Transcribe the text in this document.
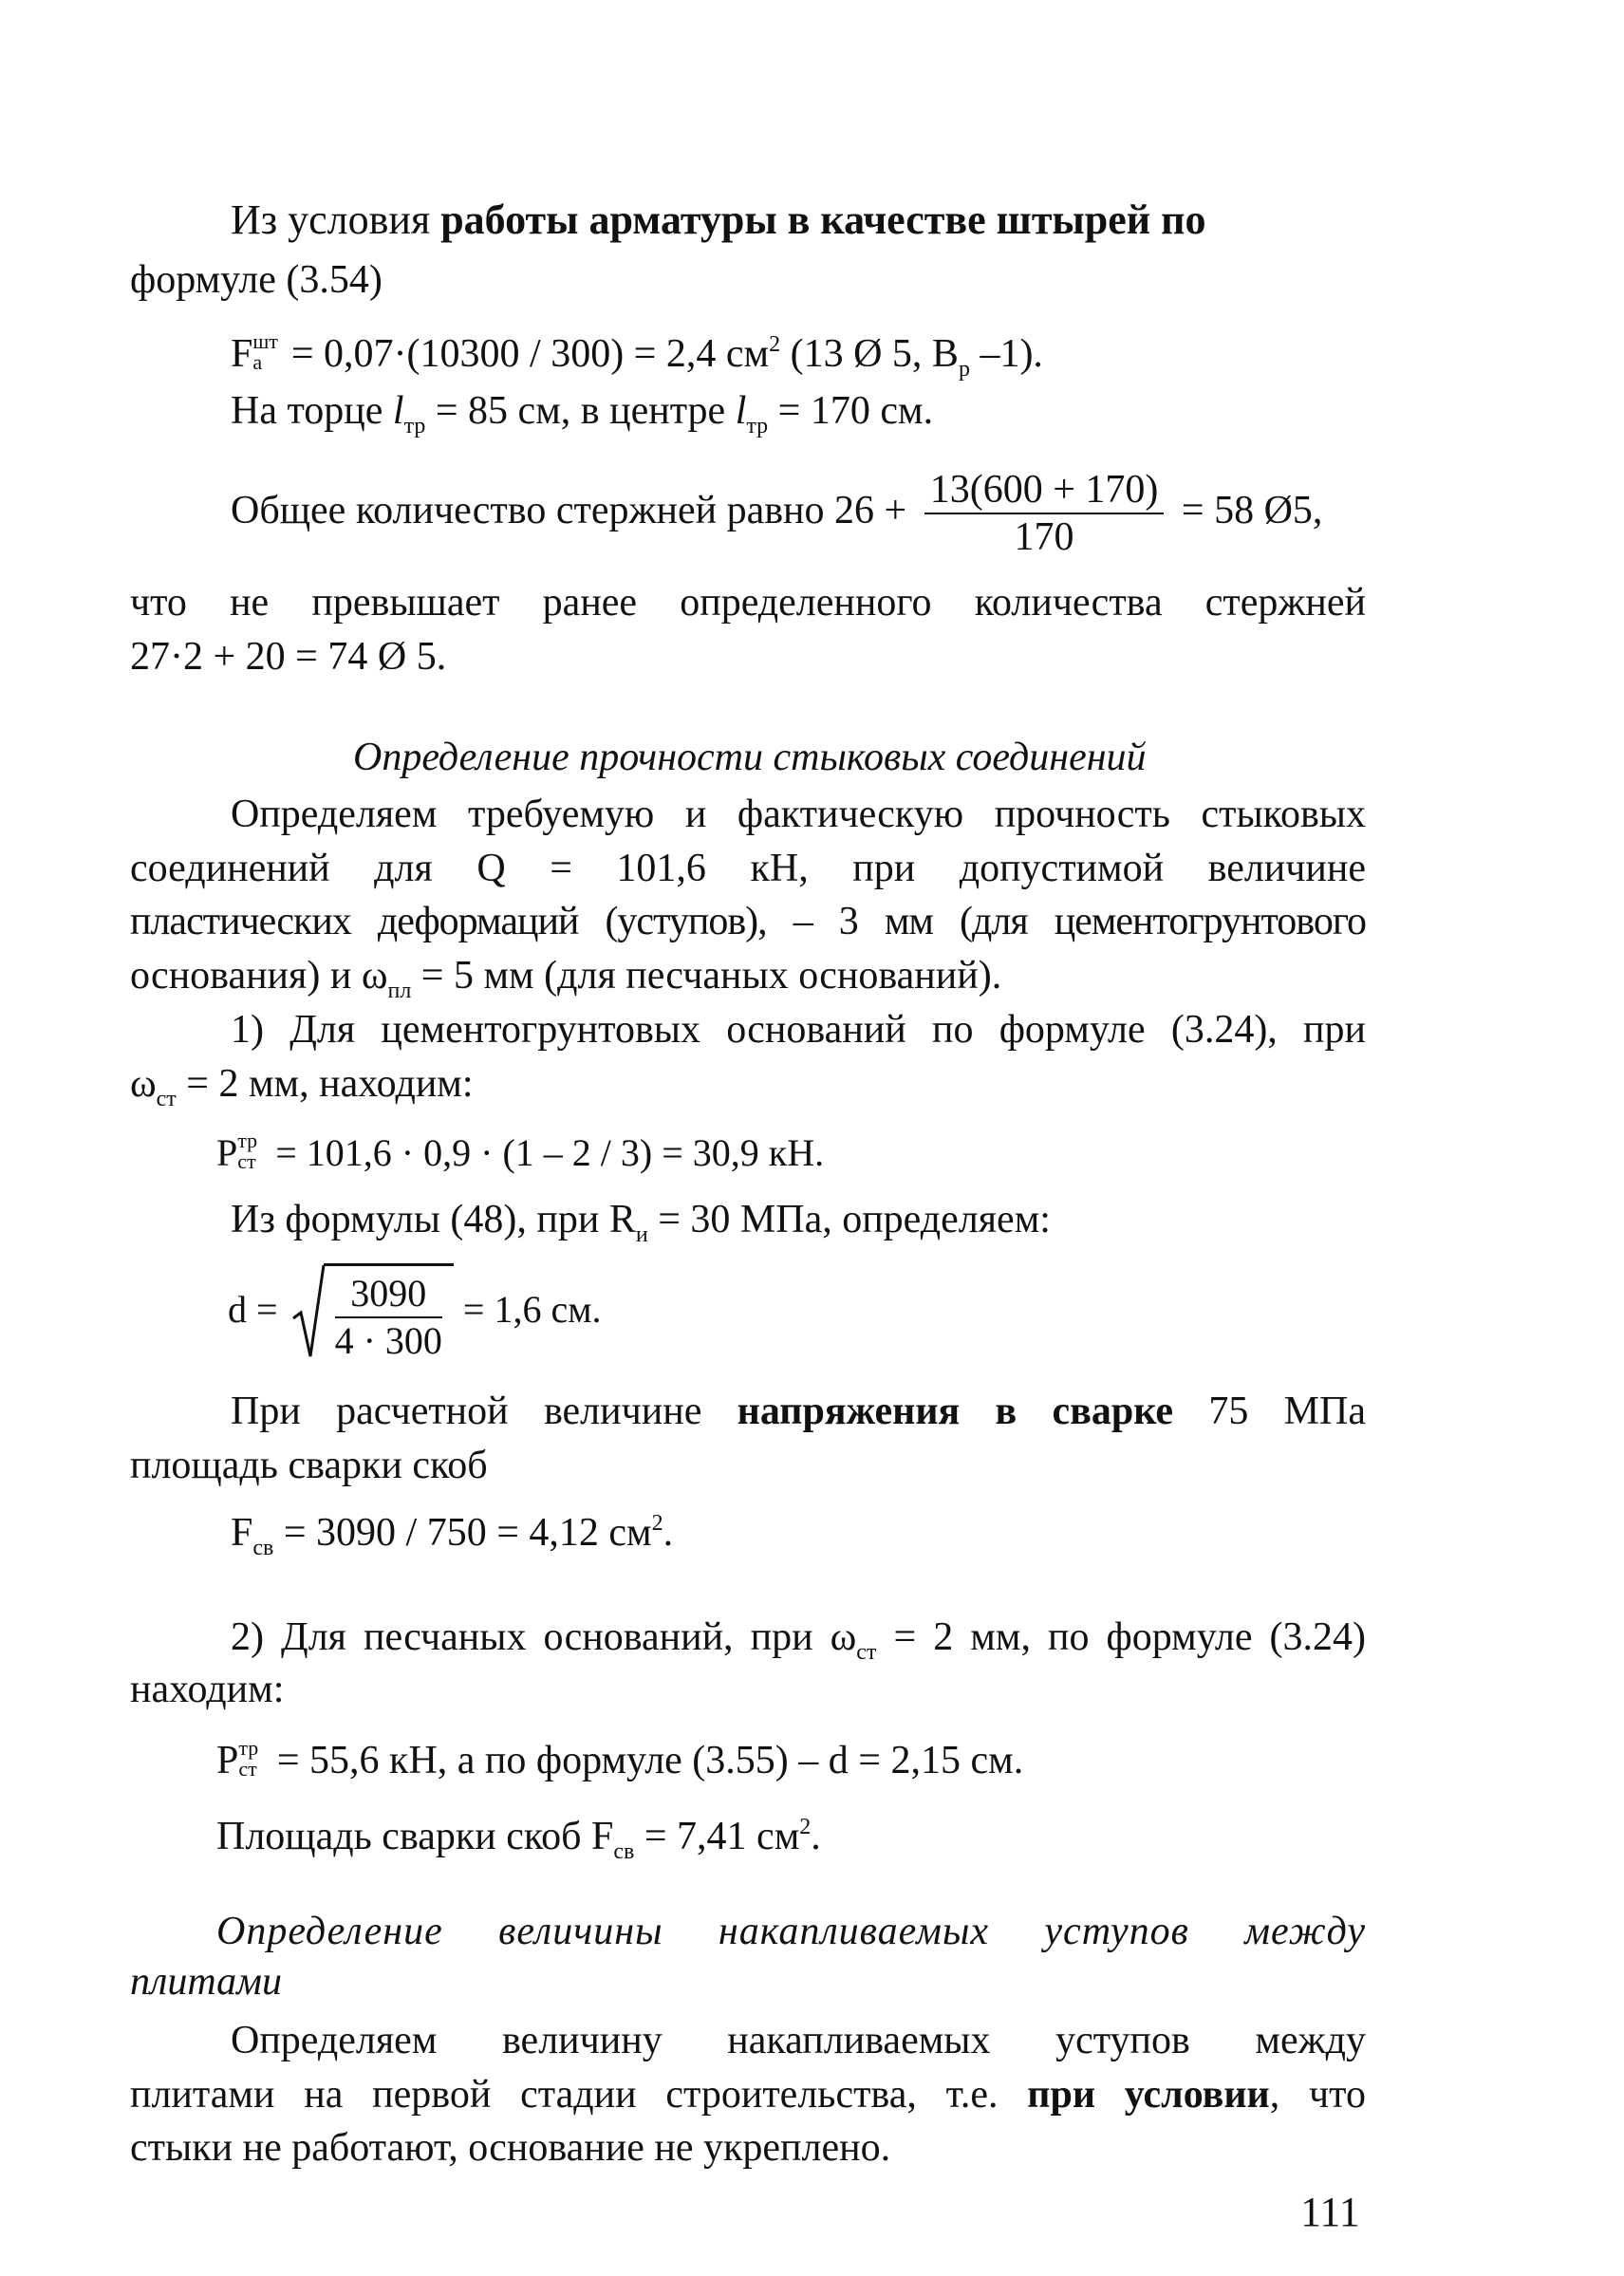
Из условия работы арматуры в качестве штырей по
формуле (3.54)
F шт
а = 0,07·(10300 / 300) = 2,4 $см^2$ (13 Ø 5, $B_р$ –1).
На торце $l_{тр} = 85$ см, в центре $l_{тр} = 170$ см.
Общее количество стержней равно $26 + \frac{13(600 + 170)}{170} = 58$ Ø5,
что не превышает ранее определенного количества стержней
27·2 + 20 = 74 Ø 5.
Определение прочности стыковых соединений
Определяем требуемую и фактическую прочность стыковых
соединений для Q = 101,6 кН, при допустимой величине
пластических деформаций (уступов), – 3 мм (для цементогрунтового
основания) и $\omega_{пл} = 5$ мм (для песчаных оснований).
1) Для цементогрунтовых оснований по формуле (3.24), при
$\omega_{ст} = 2$ мм, находим:
P тр
ст = 101,6 · 0,9 · (1 – 2 / 3) = 30,9 кН.
Из формулы (48), при $R_и = 30$ МПа, определяем:
$d = \frac{3090}{4 \cdot 300} = 1,6$ см.
При расчетной величине напряжения в сварке 75 МПа
площадь сварки скоб
$F_{св} = 3090 / 750 = 4,12$ $см^2$.
2) Для песчаных оснований, при $\omega_{ст} = 2$ мм, по формуле (3.24)
находим:
P тр
ст = 55,6 кН, а по формуле (3.55) – d = 2,15 см.
Площадь сварки скоб $F_{св} = 7,41$ $см^2$.
Определение величины накапливаемых уступов между
плитами
Определяем величину накапливаемых уступов между
плитами на первой стадии строительства, т.е. при условии, что
стыки не работают, основание не укреплено.
111
